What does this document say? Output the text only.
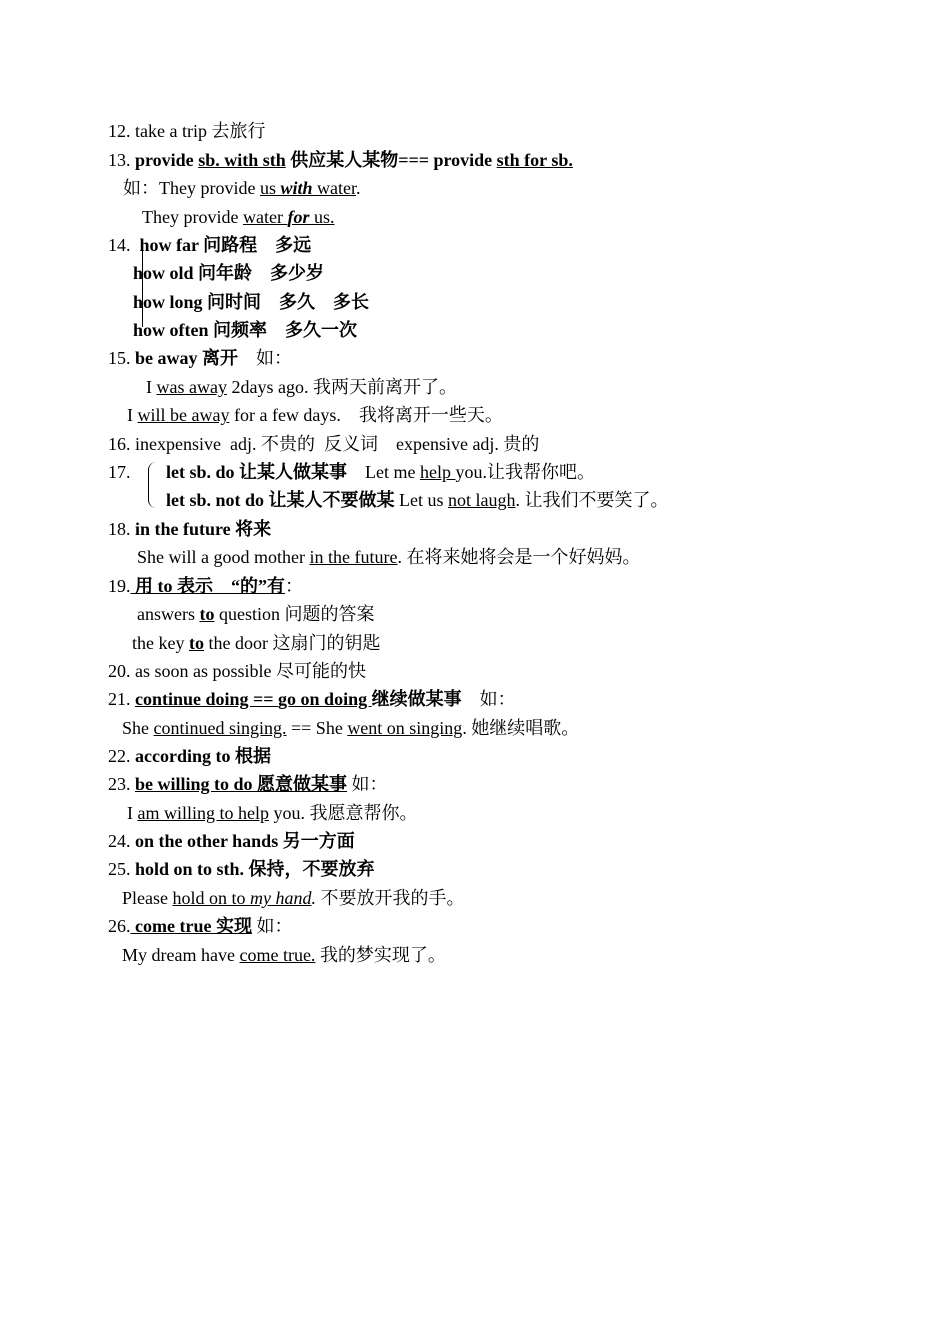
12. take a trip 去旅行
13. provide sb. with sth 供应某人某物=== provide sth for sb.
如：They provide us with water.
They provide water for us.
14.  how far 问路程    多远
how old 问年龄    多少岁
how long 问时间    多久    多长
how often 问频率    多久一次
15. be away 离开    如：
I was away 2days ago. 我两天前离开了。
I will be away for a few days.    我将离开一些天。
16. inexpensive  adj. 不贵的  反义词    expensive adj. 贵的
17. let sb. do 让某人做某事    Let me help you.让我帮你吧。
let sb. not do 让某人不要做某 Let us not laugh. 让我们不要笑了。
18. in the future 将来
She will a good mother in the future. 在将来她将会是一个好妈妈。
19. 用 to 表示    “的”有：
answers to question 问题的答案
the key to the door 这扇门的钥匙
20. as soon as possible 尽可能的快
21. continue doing == go on doing 继续做某事    如：
She continued singing. == She went on singing. 她继续唱歌。
22. according to 根据
23. be willing to do 愿意做某事 如：
I am willing to help you. 我愿意帮你。
24. on the other hands 另一方面
25. hold on to sth. 保持，不要放弃
Please hold on to my hand. 不要放开我的手。
26. come true 实现 如：
My dream have come true. 我的梦实现了。
